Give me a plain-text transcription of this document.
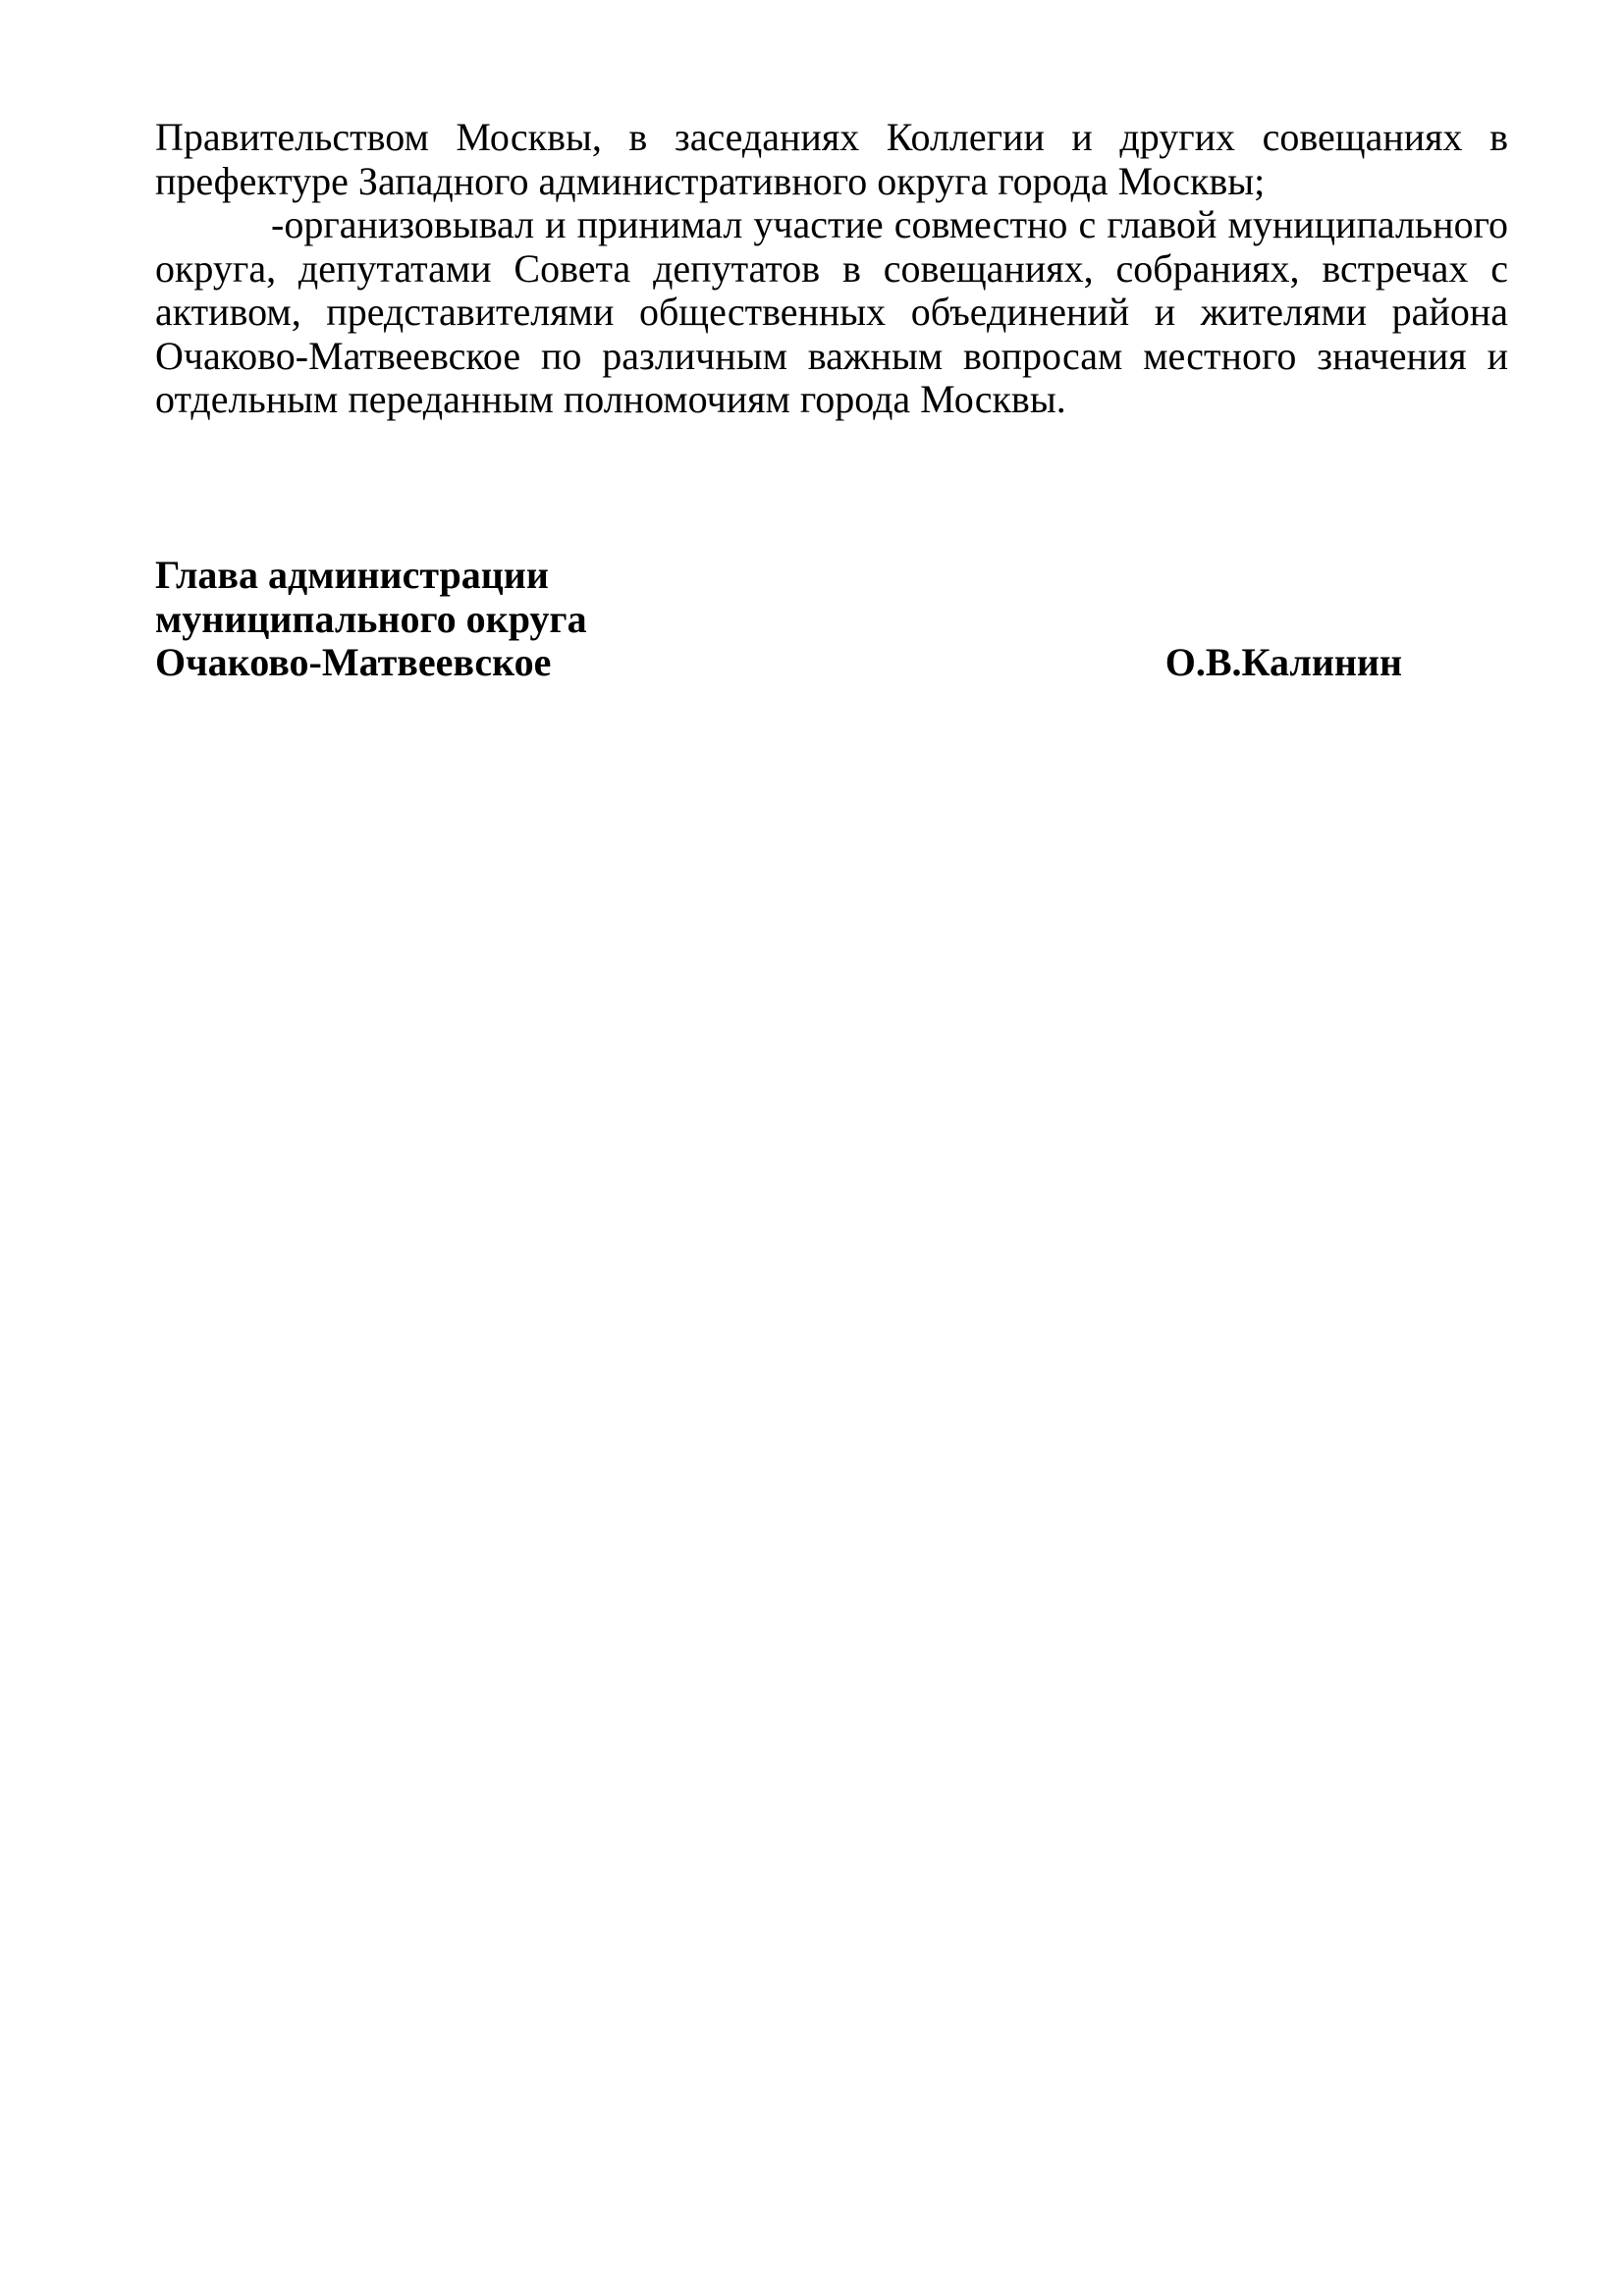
Правительством Москвы, в заседаниях Коллегии и других совещаниях в префектуре Западного административного округа города Москвы;

-организовывал и принимал участие совместно с главой муниципального округа, депутатами Совета депутатов в совещаниях, собраниях, встречах с активом, представителями общественных объединений и жителями района Очаково-Матвеевское по различным важным вопросам местного значения и отдельным переданным полномочиям города Москвы.

Глава администрации
муниципального округа
Очаково-Матвеевское	О.В.Калинин
